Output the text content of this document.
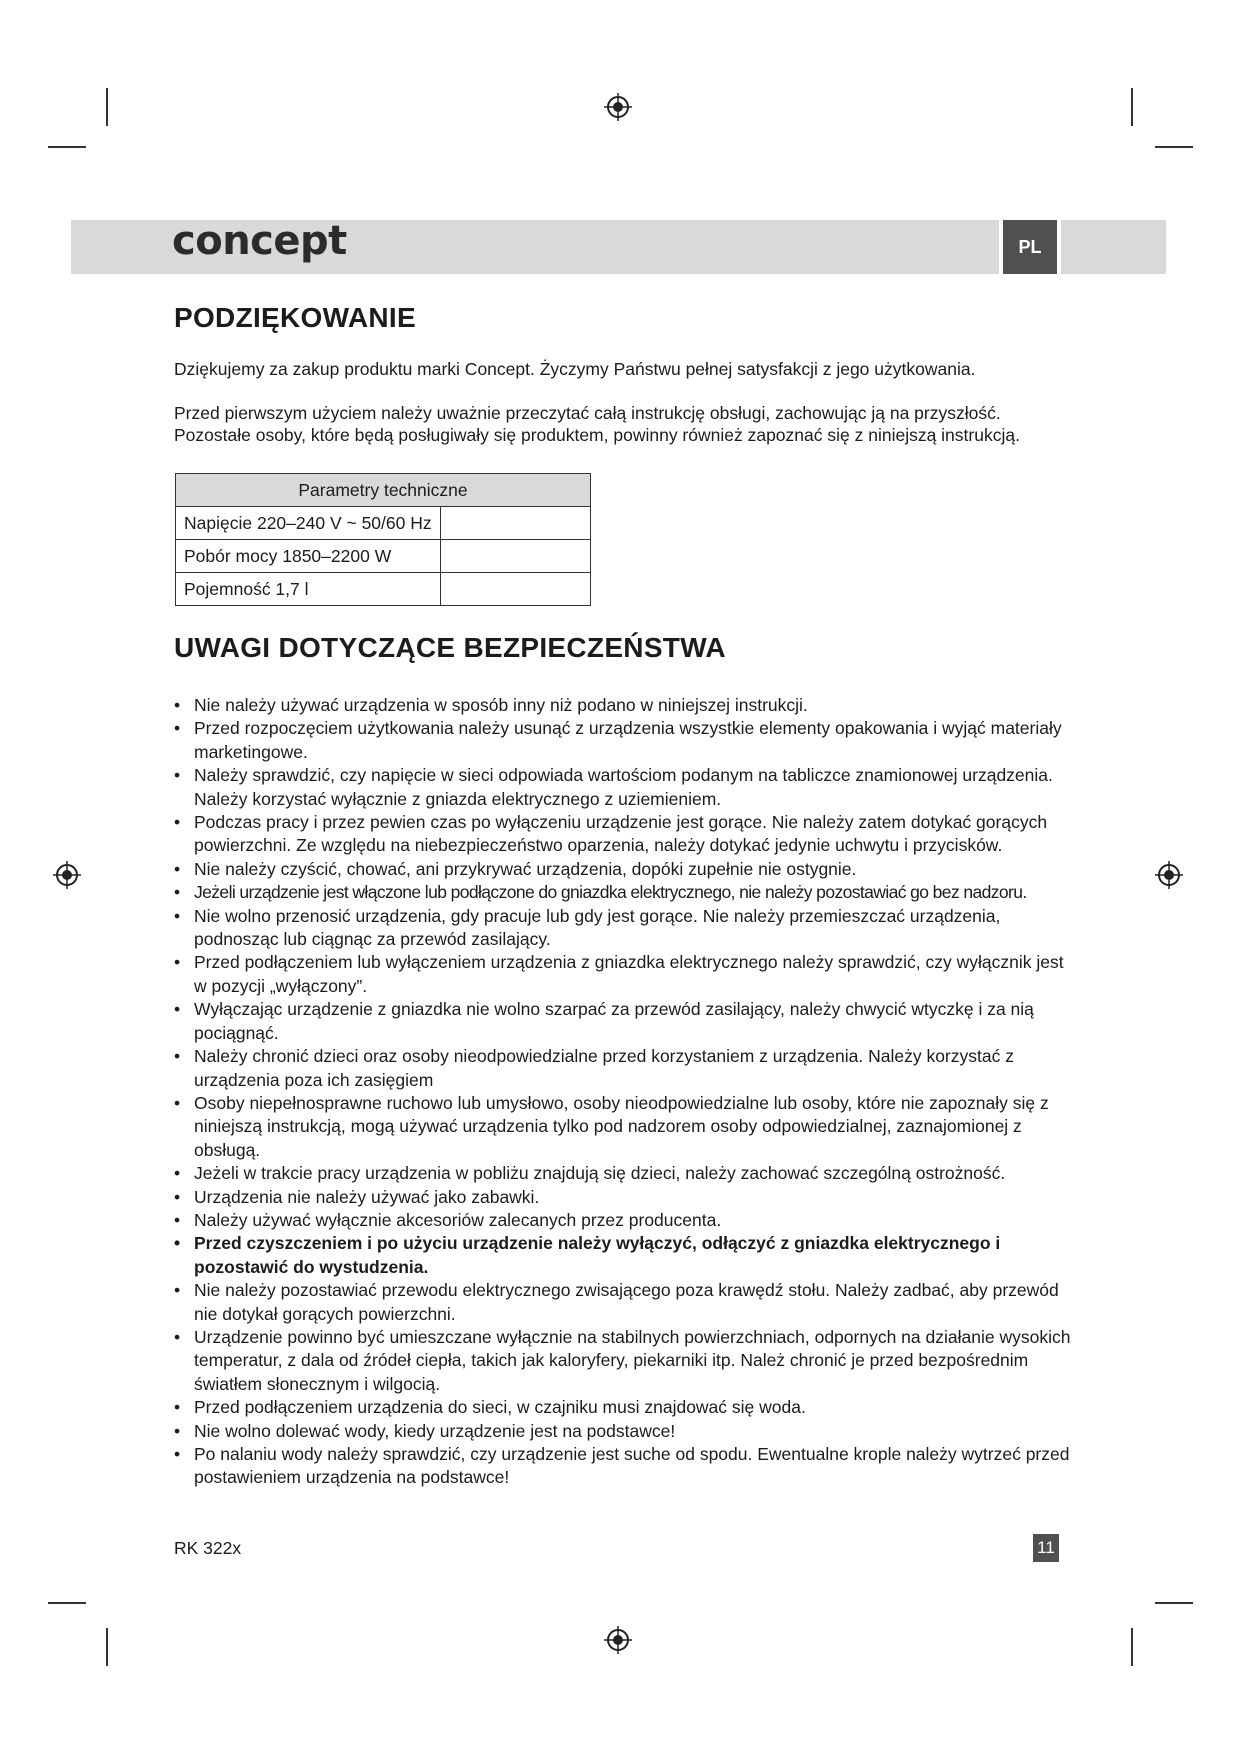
concept	PL
PODZIĘKOWANIE

Dziękujemy za zakup produktu marki Concept. Życzymy Państwu pełnej satysfakcji z jego użytkowania.

Przed pierwszym użyciem należy uważnie przeczytać całą instrukcję obsługi, zachowując ją na przyszłość. Pozostałe osoby, które będą posługiwały się produktem, powinny również zapoznać się z niniejszą instrukcją.

Parametry techniczne	
Napięcie 220–240 V ~ 50/60 Hz	
Pobór mocy 1850–2200 W	
Pojemność 1,7 l	
UWAGI DOTYCZĄCE BEZPIECZEŃSTWA
• Nie należy używać urządzenia w sposób inny niż podano w niniejszej instrukcji.
• Przed rozpoczęciem użytkowania należy usunąć z urządzenia wszystkie elementy opakowania i wyjąć materiały marketingowe.
• Należy sprawdzić, czy napięcie w sieci odpowiada wartościom podanym na tabliczce znamionowej urządzenia. Należy korzystać wyłącznie z gniazda elektrycznego z uziemieniem.
• Podczas pracy i przez pewien czas po wyłączeniu urządzenie jest gorące. Nie należy zatem dotykać gorących powierzchni. Ze względu na niebezpieczeństwo oparzenia, należy dotykać jedynie uchwytu i przycisków.
• Nie należy czyścić, chować, ani przykrywać urządzenia, dopóki zupełnie nie ostygnie.
• Jeżeli urządzenie jest włączone lub podłączone do gniazdka elektrycznego, nie należy pozostawiać go bez nadzoru.
• Nie wolno przenosić urządzenia, gdy pracuje lub gdy jest gorące. Nie należy przemieszczać urządzenia, podnosząc lub ciągnąc za przewód zasilający.
• Przed podłączeniem lub wyłączeniem urządzenia z gniazdka elektrycznego należy sprawdzić, czy wyłącznik jest w pozycji „wyłączony”.
• Wyłączając urządzenie z gniazdka nie wolno szarpać za przewód zasilający, należy chwycić wtyczkę i za nią pociągnąć.
• Należy chronić dzieci oraz osoby nieodpowiedzialne przed korzystaniem z urządzenia. Należy korzystać z urządzenia poza ich zasięgiem
• Osoby niepełnosprawne ruchowo lub umysłowo, osoby nieodpowiedzialne lub osoby, które nie zapoznały się z niniejszą instrukcją, mogą używać urządzenia tylko pod nadzorem osoby odpowiedzialnej, zaznajomionej z obsługą.
• Jeżeli w trakcie pracy urządzenia w pobliżu znajdują się dzieci, należy zachować szczególną ostrożność.
• Urządzenia nie należy używać jako zabawki.
• Należy używać wyłącznie akcesoriów zalecanych przez producenta.
• Przed czyszczeniem i po użyciu urządzenie należy wyłączyć, odłączyć z gniazdka elektrycznego i pozostawić do wystudzenia.
• Nie należy pozostawiać przewodu elektrycznego zwisającego poza krawędź stołu. Należy zadbać, aby przewód nie dotykał gorących powierzchni.
• Urządzenie powinno być umieszczane wyłącznie na stabilnych powierzchniach, odpornych na działanie wysokich temperatur, z dala od źródeł ciepła, takich jak kaloryfery, piekarniki itp. Należ chronić je przed bezpośrednim światłem słonecznym i wilgocią.
• Przed podłączeniem urządzenia do sieci, w czajniku musi znajdować się woda.
• Nie wolno dolewać wody, kiedy urządzenie jest na podstawce!
• Po nalaniu wody należy sprawdzić, czy urządzenie jest suche od spodu. Ewentualne krople należy wytrzeć przed postawieniem urządzenia na podstawce!
RK 322x	11
